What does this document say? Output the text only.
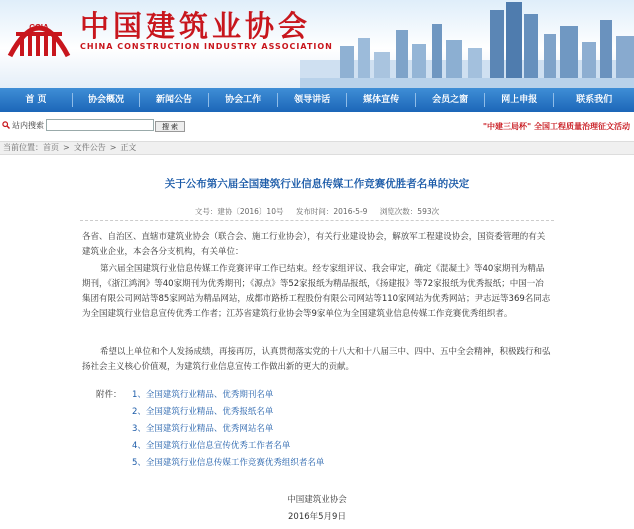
CCIA 中国建筑业协会
CHINA CONSTRUCTION INDUSTRY ASSOCIATION
首 页	协会概况	新闻公告	协会工作	领导讲话	媒体宣传	会员之窗	网上申报	联系我们
站内搜索	搜 索	"中建三局杯" 全国工程质量治理征文活动
当前位置：首页 > 文件公告 > 正文
关于公布第六届全国建筑行业信息传媒工作竞赛优胜者名单的决定
文号：建协〔2016〕10号 发布时间：2016-5-9 浏览次数：593次
各省、自治区、直辖市建筑业协会（联合会、施工行业协会），有关行业建设协会，解放军工程建设协会，国资委管理的有关建筑业企业，本会各分支机构，有关单位：
第六届全国建筑行业信息传媒工作竞赛评审工作已结束。经专家组评议、我会审定，确定《混凝土》等40家期刊为精品期刊，《浙江鸿润》等40家期刊为优秀期刊；《源点》等52家报纸为精品报纸，《扬建报》等72家报纸为优秀报纸；中国一冶集团有限公司网站等85家网站为精品网站，成都市路桥工程股份有限公司网站等110家网站为优秀网站；尹志远等369名同志为全国建筑行业信息宣传优秀工作者；江苏省建筑行业协会等9家单位为全国建筑业信息传媒工作竞赛优秀组织者。
希望以上单位和个人发扬成绩，再接再厉，认真贯彻落实党的十八大和十八届三中、四中、五中全会精神，积极践行和弘扬社会主义核心价值观，为建筑行业信息宣传工作做出新的更大的贡献。
附件： 1、全国建筑行业精品、优秀期刊名单
2、全国建筑行业精品、优秀报纸名单
3、全国建筑行业精品、优秀网站名单
4、全国建筑行业信息宣传优秀工作者名单
5、全国建筑行业信息传媒工作竞赛优秀组织者名单
中国建筑业协会
2016年5月9日
